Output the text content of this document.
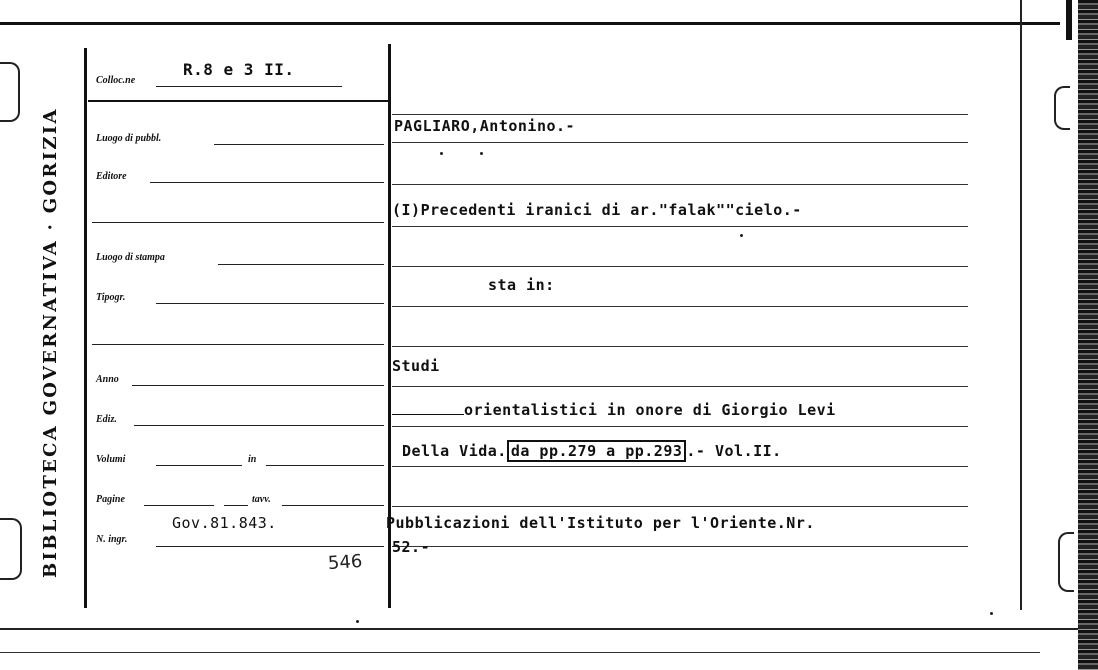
BIBLIOTECA GOVERNATIVA · GORIZIA
Colloc.ne
R.8 e 3 II.
Luogo di pubbl.
Editore
Luogo di stampa
Tipogr.
Anno
Ediz.
Volumi	in
Pagine	tavv.
N. ingr.
Gov.81.843.
546
PAGLIARO,Antonino.-
(I)Precedenti iranici di ar."falak""cielo.-
sta in:
Studi
orientalistici in onore di Giorgio Levi
Della Vida. da pp.279 a pp.293 .- Vol.II.
Pubblicazioni dell'Istituto per l'Oriente.Nr.
52.-
